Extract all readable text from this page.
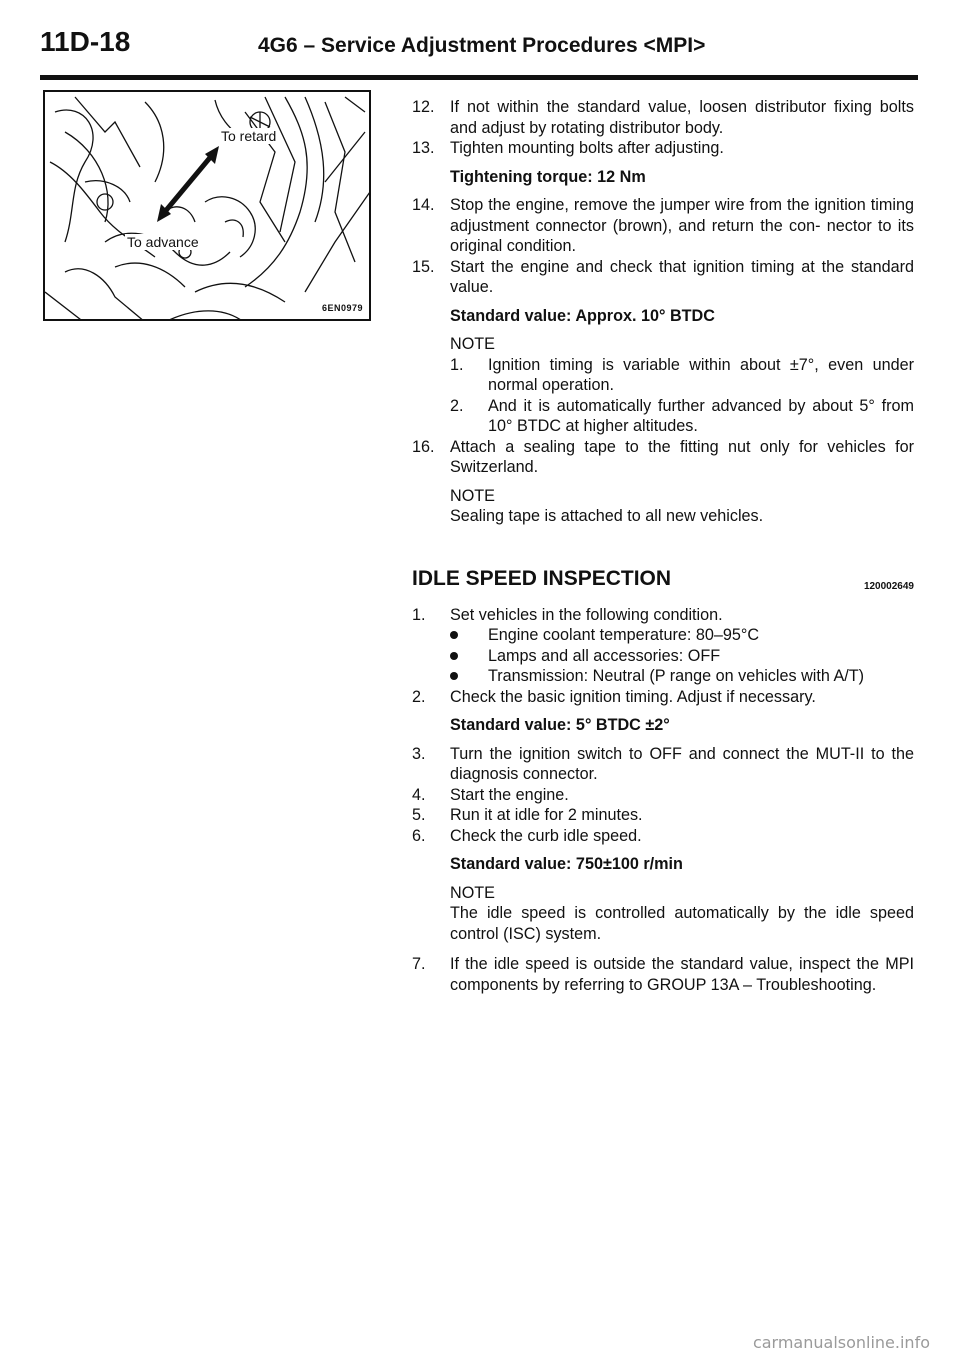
11D-18	4G6 – Service Adjustment Procedures <MPI>
To retard
To advance
6EN0979
12. If not within the standard value, loosen distributor fixing bolts and adjust by rotating distributor body.
13. Tighten mounting bolts after adjusting.
Tightening torque: 12 Nm
14. Stop the engine, remove the jumper wire from the ignition timing adjustment connector (brown), and return the con- nector to its original condition.
15. Start the engine and check that ignition timing at the standard value.
Standard value: Approx. 10° BTDC
NOTE
1.	Ignition timing is variable within about ±7°, even under normal operation.
2.	And it is automatically further advanced by about 5° from 10° BTDC at higher altitudes.
16. Attach a sealing tape to the fitting nut only for vehicles for Switzerland.
NOTE
Sealing tape is attached to all new vehicles.
IDLE SPEED INSPECTION	120002649
1. Set vehicles in the following condition.
Engine coolant temperature: 80–95°C
Lamps and all accessories: OFF
Transmission: Neutral (P range on vehicles with A/T)
2. Check the basic ignition timing. Adjust if necessary.
Standard value: 5° BTDC ±2°
3. Turn the ignition switch to OFF and connect the MUT-II to the diagnosis connector.
4. Start the engine.
5. Run it at idle for 2 minutes.
6. Check the curb idle speed.
Standard value: 750±100 r/min
NOTE
The idle speed is controlled automatically by the idle speed control (ISC) system.
7. If the idle speed is outside the standard value, inspect the MPI components by referring to GROUP 13A – Troubleshooting.
carmanualsonline.info
